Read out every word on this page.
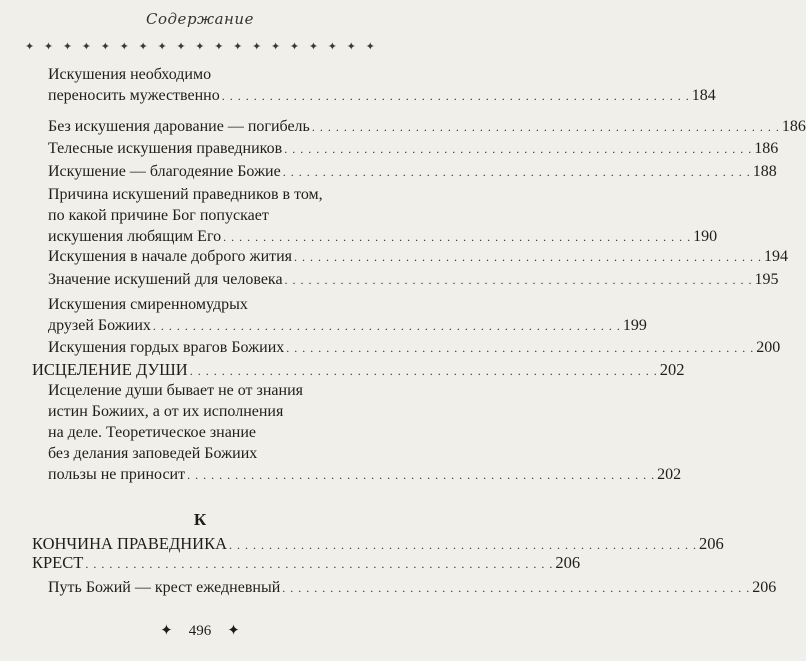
Содержание
✦ ✦ ✦ ✦ ✦ ✦ ✦ ✦ ✦ ✦ ✦ ✦ ✦ ✦ ✦ ✦ ✦ ✦ ✦
Искушения необходимо
переносить мужественно . . . . . . . . . . . . . . . . . . . . . . . . . . . . . . . . . . . . . . . . . . . . . . . . . . . . . . . . . . . 184
Без искушения дарование — погибель . . . . . . . . . . . . . . . . . . . . . . . . . . . . . . . . . . . . . . . . . . . . . . . . . . . . . . . . . . . 186
Телесные искушения праведников . . . . . . . . . . . . . . . . . . . . . . . . . . . . . . . . . . . . . . . . . . . . . . . . . . . . . . . . . . . 186
Искушение — благодеяние Божие . . . . . . . . . . . . . . . . . . . . . . . . . . . . . . . . . . . . . . . . . . . . . . . . . . . . . . . . . . . 188
Причина искушений праведников в том,
по какой причине Бог попускает
искушения любящим Его . . . . . . . . . . . . . . . . . . . . . . . . . . . . . . . . . . . . . . . . . . . . . . . . . . . . . . . . . . . 190
Искушения в начале доброго жития . . . . . . . . . . . . . . . . . . . . . . . . . . . . . . . . . . . . . . . . . . . . . . . . . . . . . . . . . . . 194
Значение искушений для человека . . . . . . . . . . . . . . . . . . . . . . . . . . . . . . . . . . . . . . . . . . . . . . . . . . . . . . . . . . . 195
Искушения смиренномудрых
друзей Божиих . . . . . . . . . . . . . . . . . . . . . . . . . . . . . . . . . . . . . . . . . . . . . . . . . . . . . . . . . . . 199
Искушения гордых врагов Божиих . . . . . . . . . . . . . . . . . . . . . . . . . . . . . . . . . . . . . . . . . . . . . . . . . . . . . . . . . . . 200
ИСЦЕЛЕНИЕ ДУШИ . . . . . . . . . . . . . . . . . . . . . . . . . . . . . . . . . . . . . . . . . . . . . . . . . . . . . . . . . . . 202
Исцеление души бывает не от знания
истин Божиих, а от их исполнения
на деле. Теоретическое знание
без делания заповедей Божиих
пользы не приносит . . . . . . . . . . . . . . . . . . . . . . . . . . . . . . . . . . . . . . . . . . . . . . . . . . . . . . . . . . . 202
КОНЧИНА ПРАВЕДНИКА . . . . . . . . . . . . . . . . . . . . . . . . . . . . . . . . . . . . . . . . . . . . . . . . . . . . . . . . . . . 206
КРЕСТ . . . . . . . . . . . . . . . . . . . . . . . . . . . . . . . . . . . . . . . . . . . . . . . . . . . . . . . . . . . 206
Путь Божий — крест ежедневный . . . . . . . . . . . . . . . . . . . . . . . . . . . . . . . . . . . . . . . . . . . . . . . . . . . . . . . . . . . 206
К
✦ 496 ✦
